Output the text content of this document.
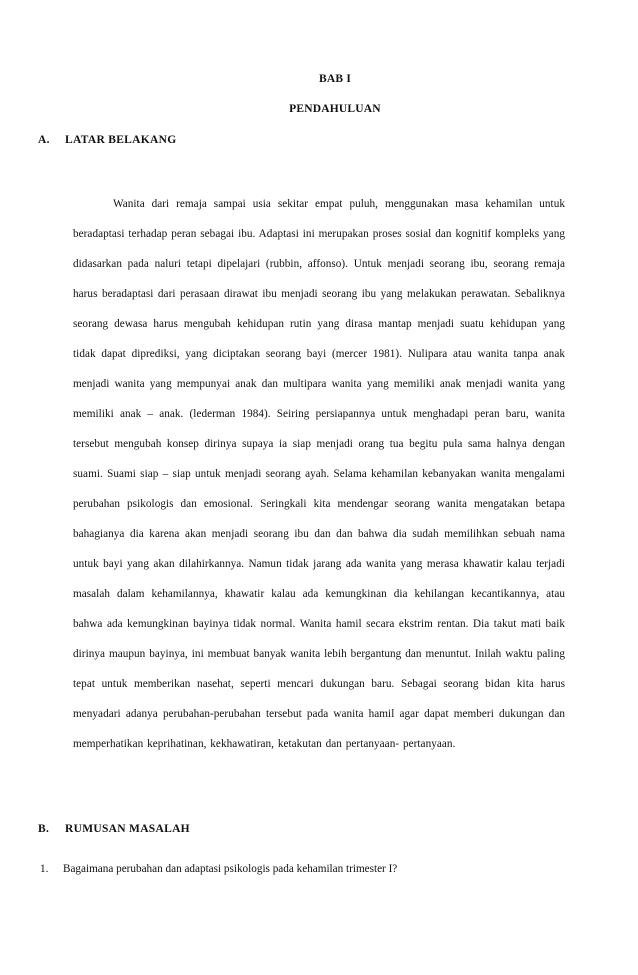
BAB I
PENDAHULUAN
A. LATAR BELAKANG

Wanita dari remaja sampai usia sekitar empat puluh, menggunakan masa kehamilan untuk beradaptasi terhadap peran sebagai ibu. Adaptasi ini merupakan proses sosial dan kognitif kompleks yang didasarkan pada naluri tetapi dipelajari (rubbin, affonso). Untuk menjadi seorang ibu, seorang remaja harus beradaptasi dari perasaan dirawat ibu menjadi seorang ibu yang melakukan perawatan. Sebaliknya seorang dewasa harus mengubah kehidupan rutin yang dirasa mantap menjadi suatu kehidupan yang tidak dapat diprediksi, yang diciptakan seorang bayi (mercer 1981). Nulipara atau wanita tanpa anak menjadi wanita yang mempunyai anak dan multipara wanita yang memiliki anak menjadi wanita yang memiliki anak – anak. (lederman 1984). Seiring persiapannya untuk menghadapi peran baru, wanita tersebut mengubah konsep dirinya supaya ia siap menjadi orang tua begitu pula sama halnya dengan suami. Suami siap – siap untuk menjadi seorang ayah. Selama kehamilan kebanyakan wanita mengalami perubahan psikologis dan emosional. Seringkali kita mendengar seorang wanita mengatakan betapa bahagianya dia karena akan menjadi seorang ibu dan dan bahwa dia sudah memilihkan sebuah nama untuk bayi yang akan dilahirkannya. Namun tidak jarang ada wanita yang merasa khawatir kalau terjadi masalah dalam kehamilannya, khawatir kalau ada kemungkinan dia kehilangan kecantikannya, atau bahwa ada kemungkinan bayinya tidak normal. Wanita hamil secara ekstrim rentan. Dia takut mati baik dirinya maupun bayinya, ini membuat banyak wanita lebih bergantung dan menuntut. Inilah waktu paling tepat untuk memberikan nasehat, seperti mencari dukungan baru. Sebagai seorang bidan kita harus menyadari adanya perubahan-perubahan tersebut pada wanita hamil agar dapat memberi dukungan dan memperhatikan keprihatinan, kekhawatiran, ketakutan dan pertanyaan- pertanyaan.

B. RUMUSAN MASALAH
1. Bagaimana perubahan dan adaptasi psikologis pada kehamilan trimester I?
